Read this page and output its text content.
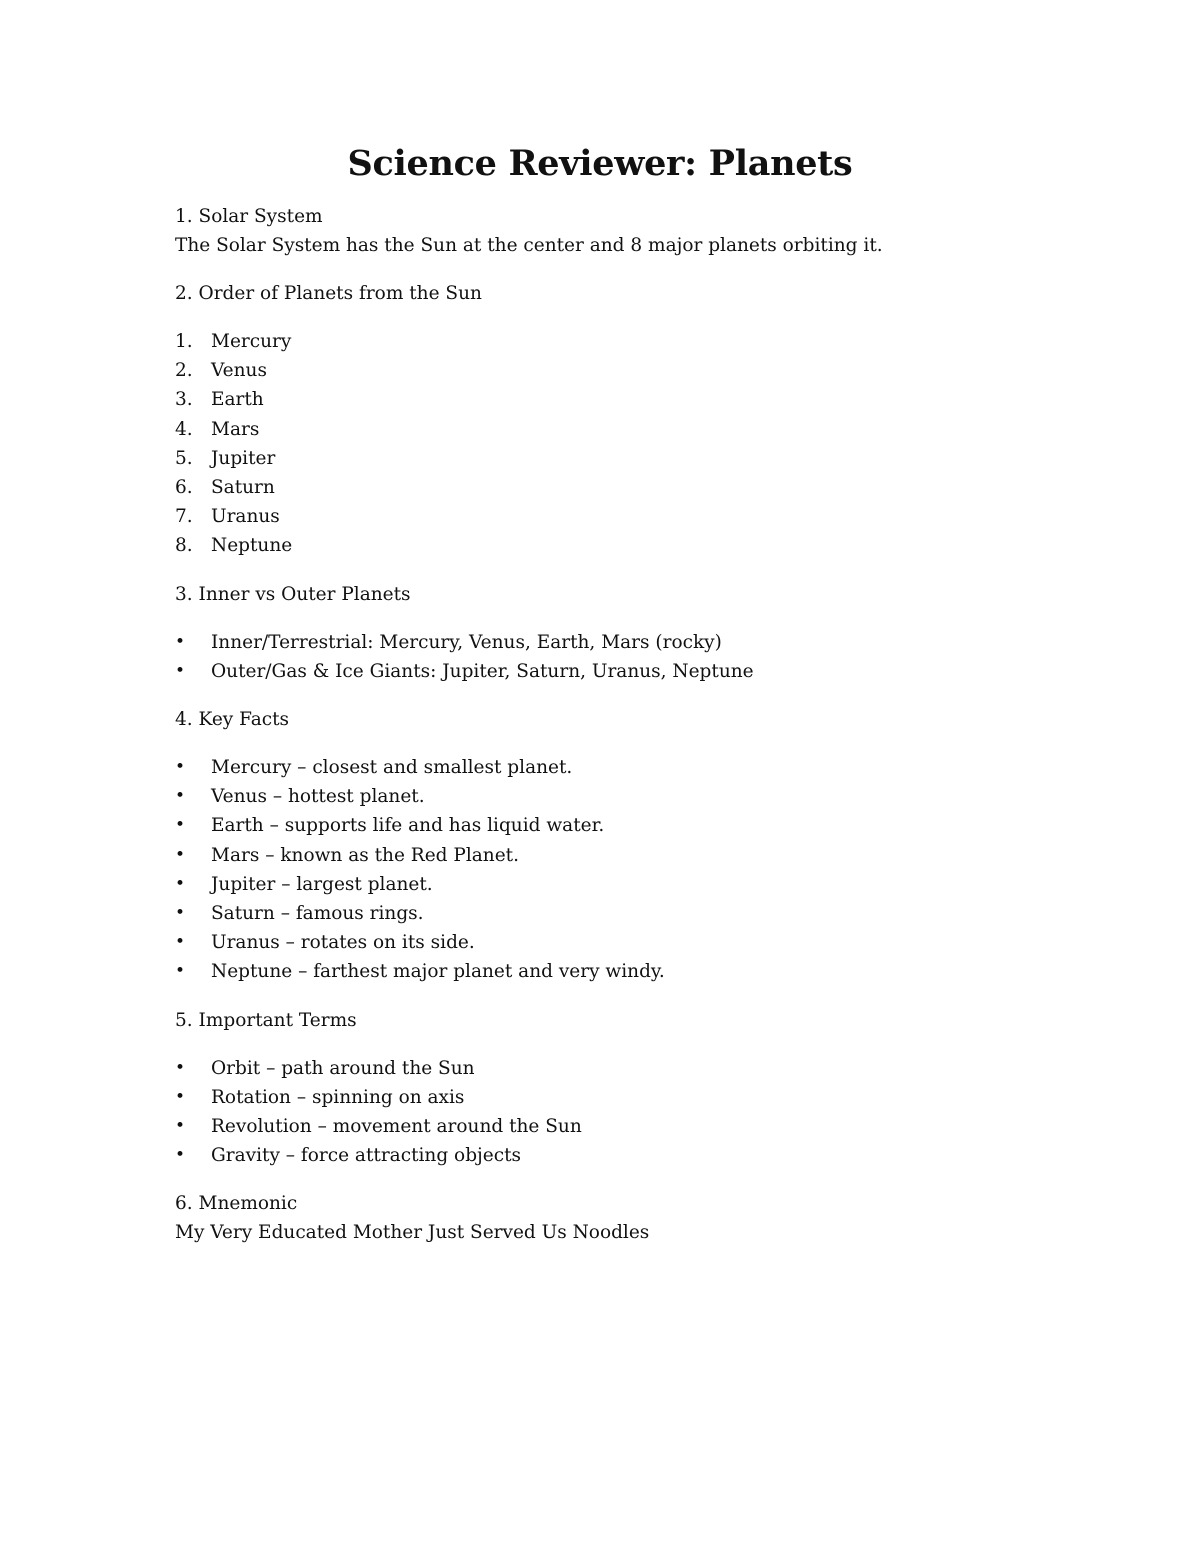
Science Reviewer: Planets

1. Solar System

The Solar System has the Sun at the center and 8 major planets orbiting it.

2. Order of Planets from the Sun

1. Mercury
2. Venus
3. Earth
4. Mars
5. Jupiter
6. Saturn
7. Uranus
8. Neptune

3. Inner vs Outer Planets

• Inner/Terrestrial: Mercury, Venus, Earth, Mars (rocky)
• Outer/Gas & Ice Giants: Jupiter, Saturn, Uranus, Neptune

4. Key Facts

• Mercury – closest and smallest planet.
• Venus – hottest planet.
• Earth – supports life and has liquid water.
• Mars – known as the Red Planet.
• Jupiter – largest planet.
• Saturn – famous rings.
• Uranus – rotates on its side.
• Neptune – farthest major planet and very windy.

5. Important Terms

• Orbit – path around the Sun
• Rotation – spinning on axis
• Revolution – movement around the Sun
• Gravity – force attracting objects

6. Mnemonic

My Very Educated Mother Just Served Us Noodles
